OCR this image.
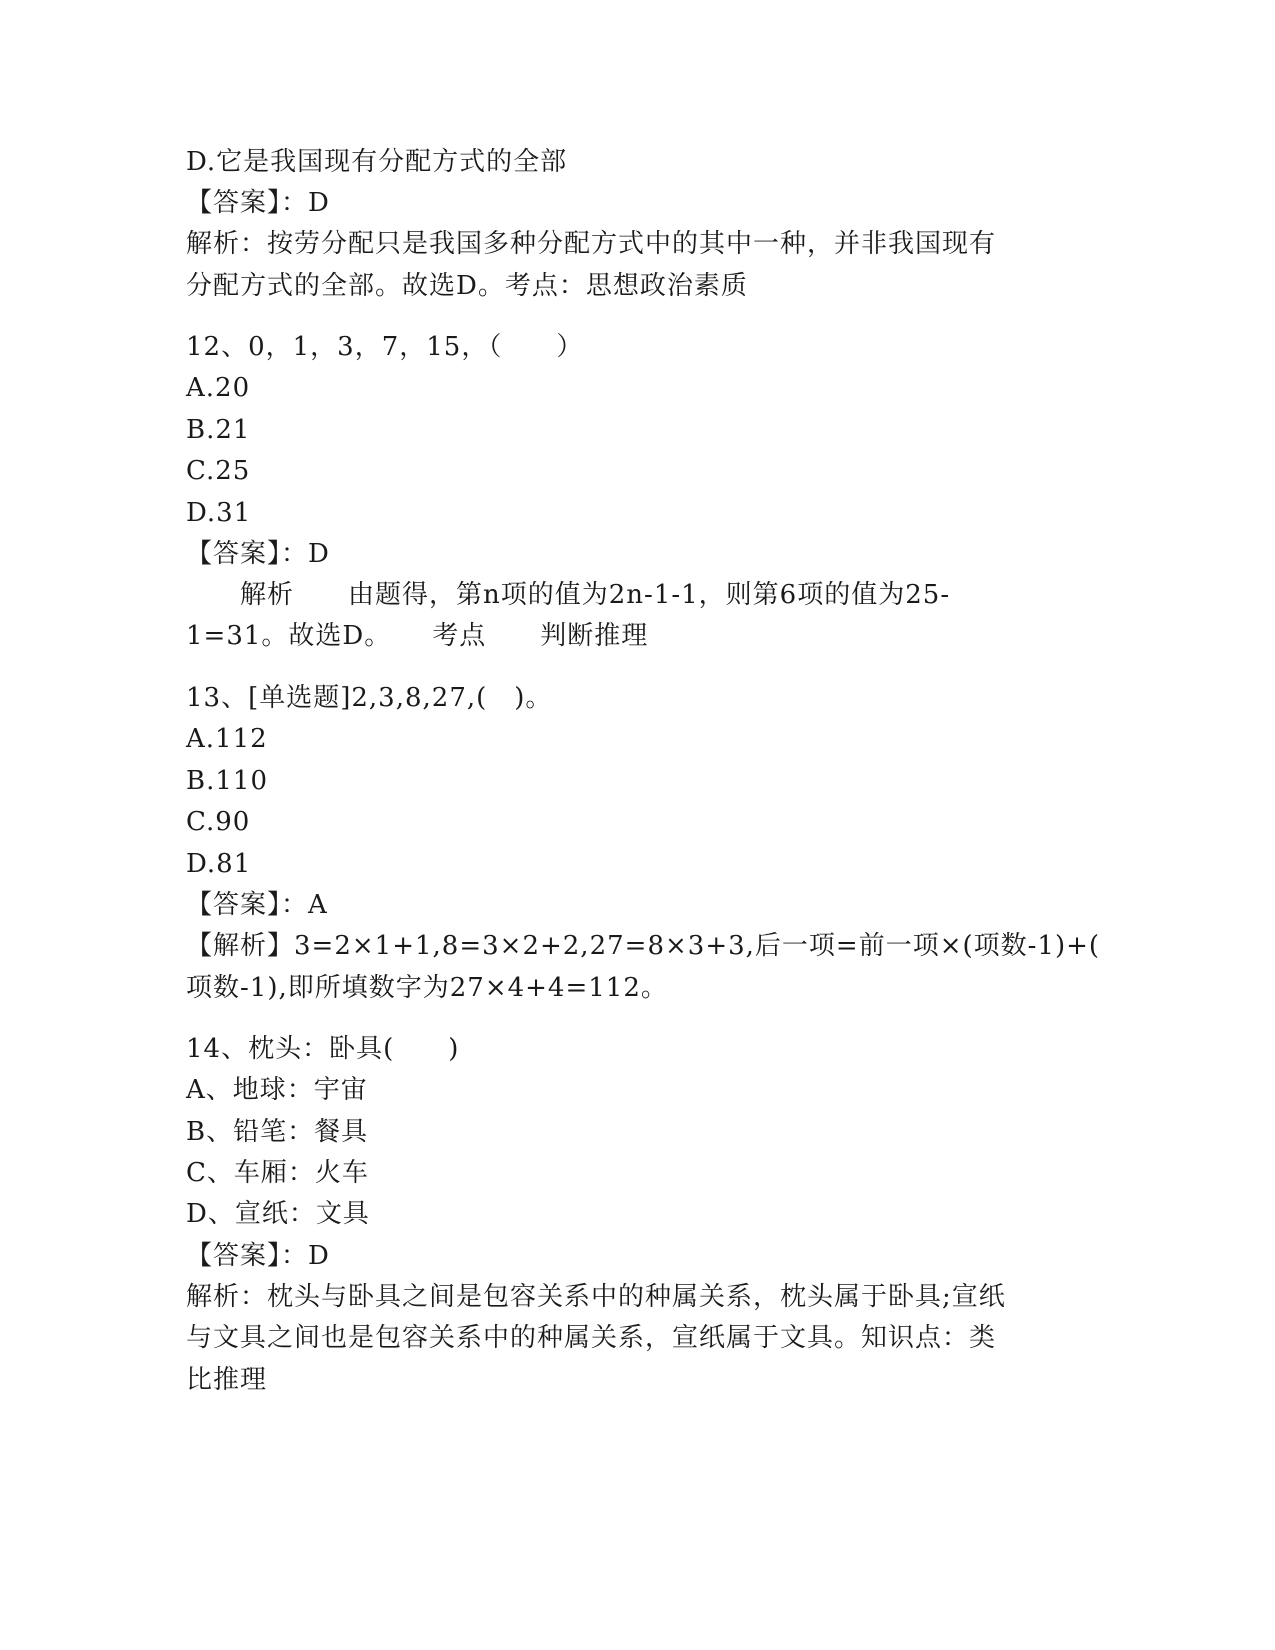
D.它是我国现有分配方式的全部
【答案】：D
解析：按劳分配只是我国多种分配方式中的其中一种，并非我国现有
分配方式的全部。故选D。考点：思想政治素质
12、0，1，3，7，15，（　　）
A.20
B.21
C.25
D.31
【答案】：D
　　解析　　由题得，第n项的值为2n-1-1，则第6项的值为25-
1=31。故选D。　　考点　　判断推理
13、[单选题]2,3,8,27,(　)。
A.112
B.110
C.90
D.81
【答案】：A
【解析】3=2×1+1,8=3×2+2,27=8×3+3,后一项=前一项×(项数-1)+(
项数-1),即所填数字为27×4+4=112。
14、枕头：卧具(　　)
A、地球：宇宙
B、铅笔：餐具
C、车厢：火车
D、宣纸：文具
【答案】：D
解析：枕头与卧具之间是包容关系中的种属关系，枕头属于卧具;宣纸
与文具之间也是包容关系中的种属关系，宣纸属于文具。知识点：类
比推理
